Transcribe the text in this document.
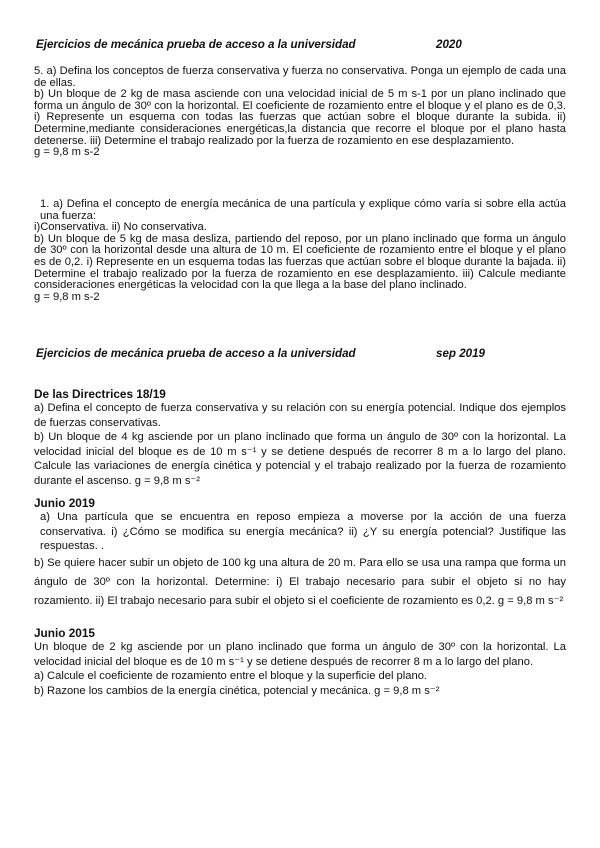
Ejercicios de mecánica prueba de acceso a la universidad	2020

5. a) Defina los conceptos de fuerza conservativa y fuerza no conservativa. Ponga un ejemplo de cada una de ellas.

b) Un bloque de 2 kg de masa asciende con una velocidad inicial de 5 m s-1 por un plano inclinado que forma un ángulo de 30º con la horizontal. El coeficiente de rozamiento entre el bloque y el plano es de 0,3. i) Represente un esquema con todas las fuerzas que actúan sobre el bloque durante la subida. ii) Determine,mediante consideraciones energéticas,la distancia que recorre el bloque por el plano hasta detenerse. iii) Determine el trabajo realizado por la fuerza de rozamiento en ese desplazamiento.

g = 9,8 m s-2

1. a) Defina el concepto de energía mecánica de una partícula y explique cómo varía si sobre ella actúa una fuerza:

i)Conservativa. ii) No conservativa.

b) Un bloque de 5 kg de masa desliza, partiendo del reposo, por un plano inclinado que forma un ángulo de 30º con la horizontal desde una altura de 10 m. El coeficiente de rozamiento entre el bloque y el plano es de 0,2. i) Represente en un esquema todas las fuerzas que actúan sobre el bloque durante la bajada. ii) Determine el trabajo realizado por la fuerza de rozamiento en ese desplazamiento. iii) Calcule mediante consideraciones energéticas la velocidad con la que llega a la base del plano inclinado.

g = 9,8 m s-2

Ejercicios de mecánica prueba de acceso a la universidad	sep 2019
De las Directrices 18/19

a) Defina el concepto de fuerza conservativa y su relación con su energía potencial. Indique dos ejemplos de fuerzas conservativas.

b) Un bloque de 4 kg asciende por un plano inclinado que forma un ángulo de 30º con la horizontal. La velocidad inicial del bloque es de 10 m s⁻¹ y se detiene después de recorrer 8 m a lo largo del plano. Calcule las variaciones de energía cinética y potencial y el trabajo realizado por la fuerza de rozamiento durante el ascenso. g = 9,8 m s⁻²

Junio 2019

a) Una partícula que se encuentra en reposo empieza a moverse por la acción de una fuerza conservativa. i) ¿Cómo se modifica su energía mecánica? ii) ¿Y su energía potencial? Justifique las respuestas. .

b) Se quiere hacer subir un objeto de 100 kg una altura de 20 m. Para ello se usa una rampa que forma un ángulo de 30º con la horizontal. Determine: i) El trabajo necesario para subir el objeto si no hay rozamiento. ii) El trabajo necesario para subir el objeto si el coeficiente de rozamiento es 0,2. g = 9,8 m s⁻²

Junio 2015

Un bloque de 2 kg asciende por un plano inclinado que forma un ángulo de 30º con la horizontal. La velocidad inicial del bloque es de 10 m s⁻¹ y se detiene después de recorrer 8 m a lo largo del plano.

a) Calcule el coeficiente de rozamiento entre el bloque y la superficie del plano.

b) Razone los cambios de la energía cinética, potencial y mecánica. g = 9,8 m s⁻²
